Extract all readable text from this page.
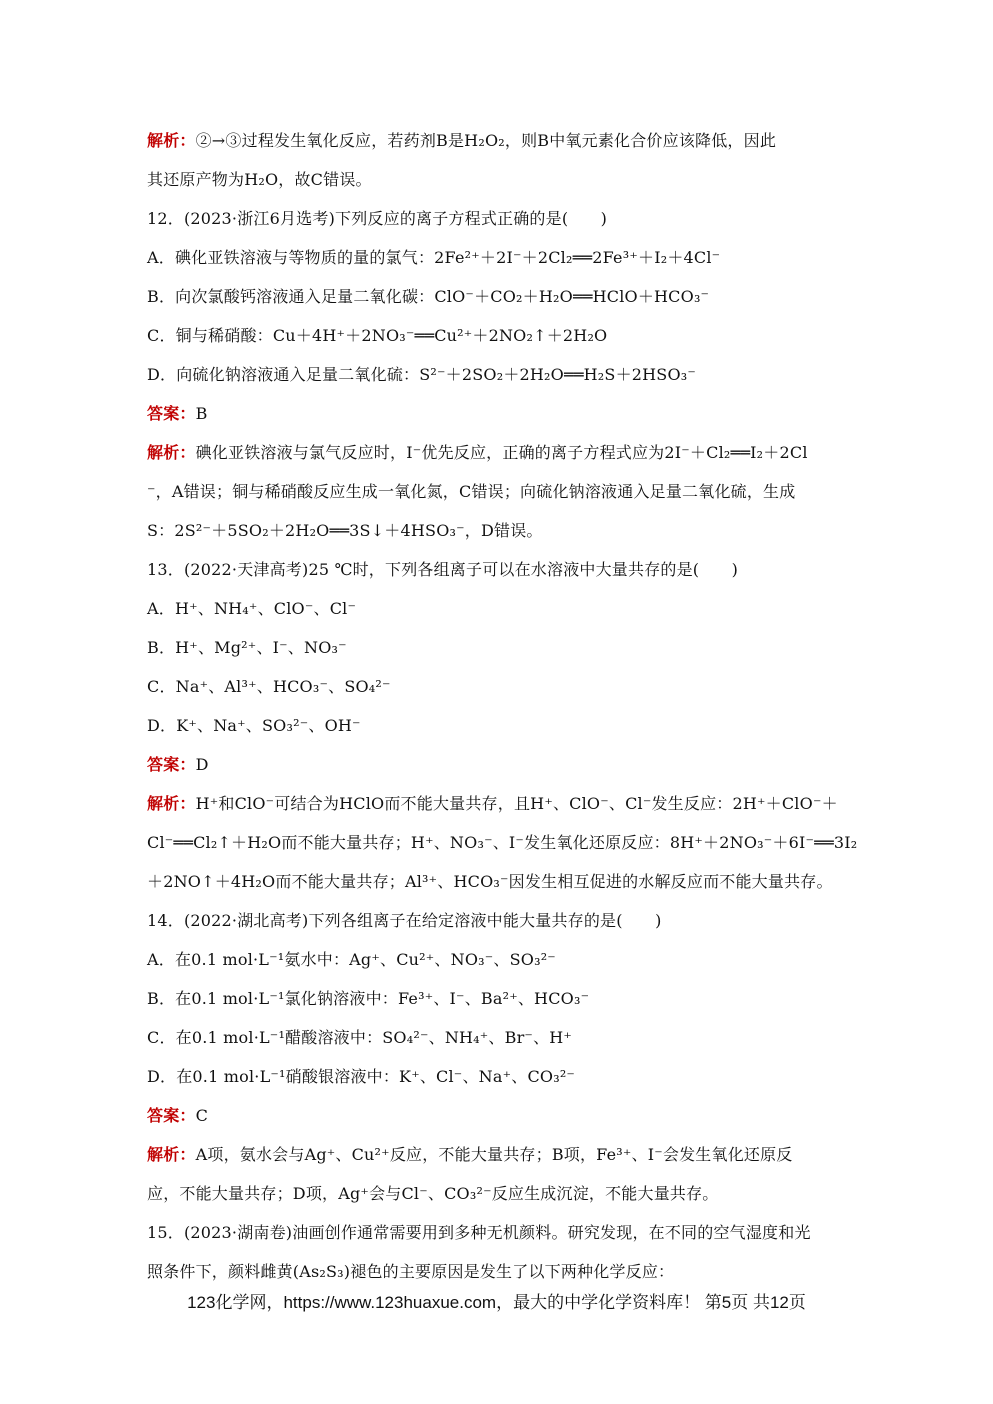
解析：②→③过程发生氧化反应，若药剂B是H₂O₂，则B中氧元素化合价应该降低，因此
其还原产物为H₂O，故C错误。
12．(2023·浙江6月选考)下列反应的离子方程式正确的是(　　)
A．碘化亚铁溶液与等物质的量的氯气：2Fe²⁺＋2I⁻＋2Cl₂══2Fe³⁺＋I₂＋4Cl⁻
B．向次氯酸钙溶液通入足量二氧化碳：ClO⁻＋CO₂＋H₂O══HClO＋HCO₃⁻
C．铜与稀硝酸：Cu＋4H⁺＋2NO₃⁻══Cu²⁺＋2NO₂↑＋2H₂O
D．向硫化钠溶液通入足量二氧化硫：S²⁻＋2SO₂＋2H₂O══H₂S＋2HSO₃⁻
答案：B
解析：碘化亚铁溶液与氯气反应时，I⁻优先反应，正确的离子方程式应为2I⁻＋Cl₂══I₂＋2Cl
⁻，A错误；铜与稀硝酸反应生成一氧化氮，C错误；向硫化钠溶液通入足量二氧化硫，生成
S：2S²⁻＋5SO₂＋2H₂O══3S↓＋4HSO₃⁻，D错误。
13．(2022·天津高考)25 ℃时，下列各组离子可以在水溶液中大量共存的是(　　)
A．H⁺、NH₄⁺、ClO⁻、Cl⁻
B．H⁺、Mg²⁺、I⁻、NO₃⁻
C．Na⁺、Al³⁺、HCO₃⁻、SO₄²⁻
D．K⁺、Na⁺、SO₃²⁻、OH⁻
答案：D
解析：H⁺和ClO⁻可结合为HClO而不能大量共存，且H⁺、ClO⁻、Cl⁻发生反应：2H⁺＋ClO⁻＋
Cl⁻══Cl₂↑＋H₂O而不能大量共存；H⁺、NO₃⁻、I⁻发生氧化还原反应：8H⁺＋2NO₃⁻＋6I⁻══3I₂
＋2NO↑＋4H₂O而不能大量共存；Al³⁺、HCO₃⁻因发生相互促进的水解反应而不能大量共存。
14．(2022·湖北高考)下列各组离子在给定溶液中能大量共存的是(　　)
A．在0.1 mol·L⁻¹氨水中：Ag⁺、Cu²⁺、NO₃⁻、SO₃²⁻
B．在0.1 mol·L⁻¹氯化钠溶液中：Fe³⁺、I⁻、Ba²⁺、HCO₃⁻
C．在0.1 mol·L⁻¹醋酸溶液中：SO₄²⁻、NH₄⁺、Br⁻、H⁺
D．在0.1 mol·L⁻¹硝酸银溶液中：K⁺、Cl⁻、Na⁺、CO₃²⁻
答案：C
解析：A项，氨水会与Ag⁺、Cu²⁺反应，不能大量共存；B项，Fe³⁺、I⁻会发生氧化还原反
应，不能大量共存；D项，Ag⁺会与Cl⁻、CO₃²⁻反应生成沉淀，不能大量共存。
15．(2023·湖南卷)油画创作通常需要用到多种无机颜料。研究发现，在不同的空气湿度和光
照条件下，颜料雌黄(As₂S₃)褪色的主要原因是发生了以下两种化学反应：
123化学网，https://www.123huaxue.com，最大的中学化学资料库！ 第5页 共12页
